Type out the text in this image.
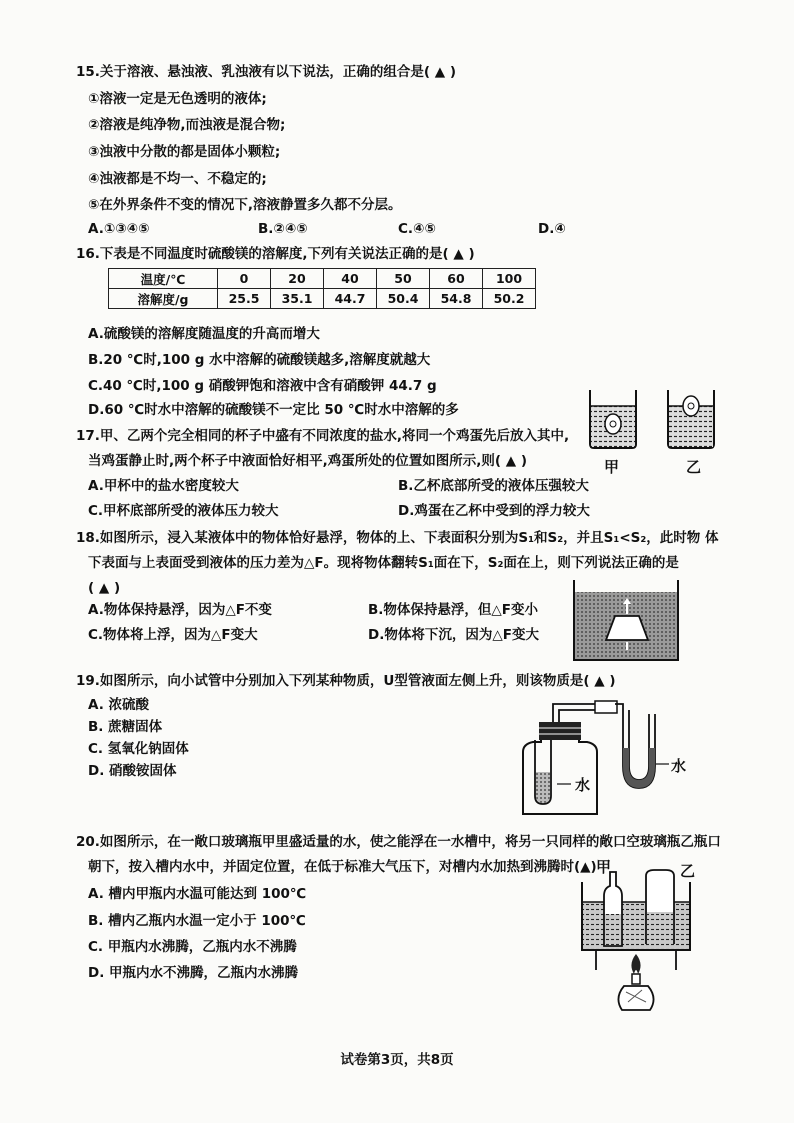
15.关于溶液、悬浊液、乳浊液有以下说法，正确的组合是( ▲ )
①溶液一定是无色透明的液体;
②溶液是纯净物,而浊液是混合物;
③浊液中分散的都是固体小颗粒;
④浊液都是不均一、不稳定的;
⑤在外界条件不变的情况下,溶液静置多久都不分层。
A.①③④⑤	B.②④⑤	C.④⑤	D.④
16.下表是不同温度时硫酸镁的溶解度,下列有关说法正确的是( ▲ )
温度/℃	0	20	40	50	60	100
溶解度/g	25.5	35.1	44.7	50.4	54.8	50.2
A.硫酸镁的溶解度随温度的升高而增大
B.20 ℃时,100 g 水中溶解的硫酸镁越多,溶解度就越大
C.40 ℃时,100 g 硝酸钾饱和溶液中含有硝酸钾 44.7 g
D.60 ℃时水中溶解的硫酸镁不一定比 50 ℃时水中溶解的多
甲	乙
17.甲、乙两个完全相同的杯子中盛有不同浓度的盐水,将同一个鸡蛋先后放入其中,
当鸡蛋静止时,两个杯子中液面恰好相平,鸡蛋所处的位置如图所示,则( ▲ )
A.甲杯中的盐水密度较大	B.乙杯底部所受的液体压强较大
C.甲杯底部所受的液体压力较大	D.鸡蛋在乙杯中受到的浮力较大
18.如图所示，浸入某液体中的物体恰好悬浮，物体的上、下表面积分别为S₁和S₂，并且S₁<S₂，此时物 体
下表面与上表面受到液体的压力差为△F。现将物体翻转S₁面在下，S₂面在上，则下列说法正确的是
( ▲ )
A.物体保持悬浮，因为△F不变	B.物体保持悬浮，但△F变小
C.物体将上浮，因为△F变大	D.物体将下沉，因为△F变大
19.如图所示，向小试管中分别加入下列某种物质，U型管液面左侧上升，则该物质是( ▲ )
A. 浓硫酸
B. 蔗糖固体
C. 氢氧化钠固体
D. 硝酸铵固体
水
水
20.如图所示，在一敞口玻璃瓶甲里盛适量的水，使之能浮在一水槽中，将另一只同样的敞口空玻璃瓶乙瓶口
朝下，按入槽内水中，并固定位置，在低于标准大气压下，对槽内水加热到沸腾时(▲)
A. 槽内甲瓶内水温可能达到 100℃
B. 槽内乙瓶内水温一定小于 100℃
C. 甲瓶内水沸腾，乙瓶内水不沸腾
D. 甲瓶内水不沸腾，乙瓶内水沸腾
甲	乙
试卷第3页，共8页
